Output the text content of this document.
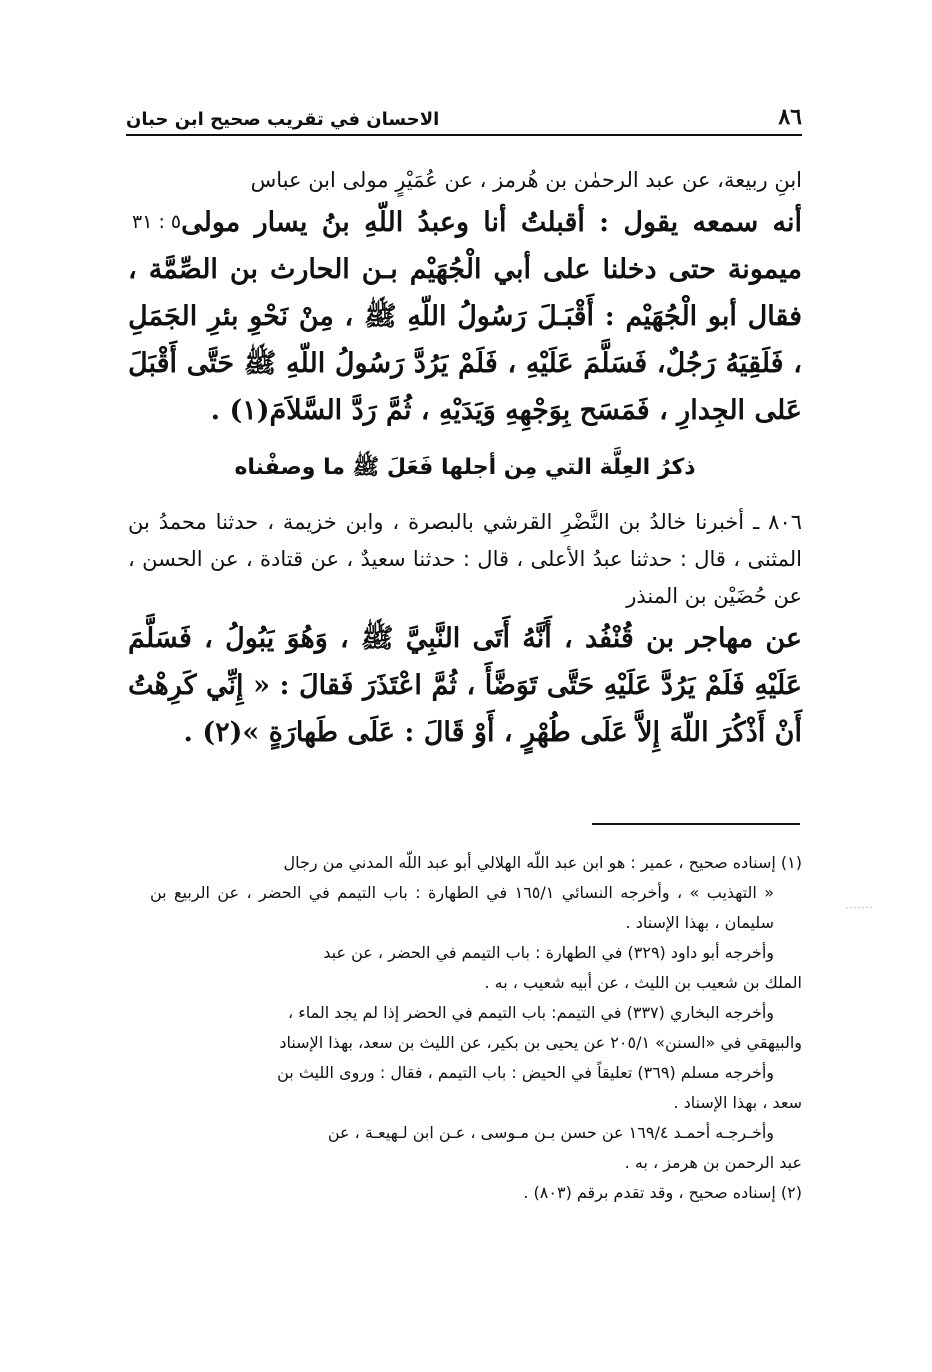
٨٦
الاحسان في تقريب صحيح ابن حبان

ابنِ ربيعة، عن عبد الرحمٰن بن هُرمز ، عن عُمَيْرٍ مولى ابن عباس

٥ : ٣١ أنه سمعه يقول : أقبلتُ أنا وعبدُ اللّهِ بنُ يسار مولى ميمونة حتى دخلنا على أبي الْجُهَيْم بـن الحارث بن الصِّمَّة ، فقال أبو الْجُهَيْم : أَقْبَـلَ رَسُولُ اللّهِ ﷺ ، مِنْ نَحْوِ بئرِ الجَمَلِ ، فَلَقِيَهُ رَجُلٌ، فَسَلَّمَ عَلَيْهِ ، فَلَمْ يَرُدَّ رَسُولُ اللّهِ ﷺ حَتَّى أَقْبَلَ عَلى الجِدارِ ، فَمَسَح بِوَجْهِهِ وَيَدَيْهِ ، ثُمَّ رَدَّ السَّلاَمَ(١) .

ذكرُ العِلَّة التي مِن أجلها فَعَلَ ﷺ ما وصفْناه

٨٠٦ ـ أخبرنا خالدُ بن النَّضْرِ القرشي بالبصرة ، وابن خزيمة ، حدثنا محمدُ بن المثنى ، قال : حدثنا عبدُ الأعلى ، قال : حدثنا سعيدٌ ، عن قتادة ، عن الحسن ، عن حُضَيْن بن المنذر

عن مهاجر بن قُنْفُد ، أَنَّهُ أَتَى النَّبِيَّ ﷺ ، وَهُوَ يَبُولُ ، فَسَلَّمَ عَلَيْهِ فَلَمْ يَرُدَّ عَلَيْهِ حَتَّى تَوَضَّأَ ، ثُمَّ اعْتَذَرَ فَقالَ : « إِنِّي كَرِهْتُ أَنْ أَذْكُرَ اللّهَ إِلاَّ عَلَى طُهْرٍ ، أَوْ قَالَ : عَلَى طَهارَةٍ »(٢) .

(١) إسناده صحيح ، عمير : هو ابن عبد اللّه الهلالي أبو عبد اللّه المدني من رجال

« التهذيب » ، وأخرجه النسائي ١٦٥/١ في الطهارة : باب التيمم في الحضر ، عن الربيع بن سليمان ، بهذا الإسناد .

وأخرجه أبو داود (٣٢٩) في الطهارة : باب التيمم في الحضر ، عن عبد

الملك بن شعيب بن الليث ، عن أبيه شعيب ، به .

وأخرجه البخاري (٣٣٧) في التيمم: باب التيمم في الحضر إذا لم يجد الماء ،

والبيهقي في «السنن» ٢٠٥/١ عن يحيى بن بكير، عن الليث بن سعد، بهذا الإسناد

وأخرجه مسلم (٣٦٩) تعليقاً في الحيض : باب التيمم ، فقال : وروى الليث بن

سعد ، بهذا الإسناد .

وأخـرجـه أحمـد ١٦٩/٤ عن حسن بـن مـوسى ، عـن ابن لـهيعـة ، عن

عبد الرحمن بن هرمز ، به .

(٢) إسناده صحيح ، وقد تقدم برقم (٨٠٣) .
